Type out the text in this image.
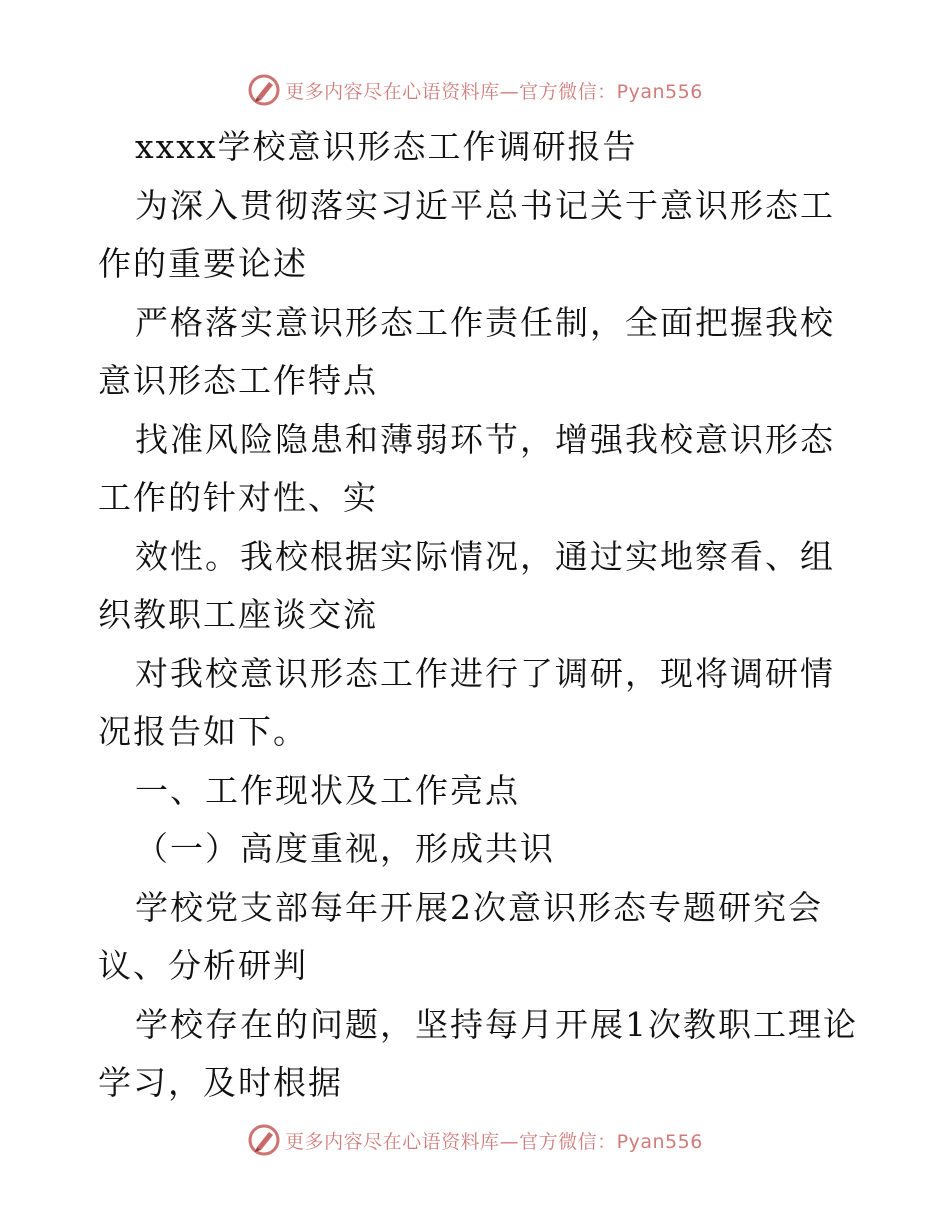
更多内容尽在心语资料库—官方微信：Pyan556

xxxx学校意识形态工作调研报告

为深入贯彻落实习近平总书记关于意识形态工作的重要论述

严格落实意识形态工作责任制，全面把握我校意识形态工作特点

找准风险隐患和薄弱环节，增强我校意识形态工作的针对性、实

效性。我校根据实际情况，通过实地察看、组织教职工座谈交流

对我校意识形态工作进行了调研，现将调研情况报告如下。

一、工作现状及工作亮点

（一）高度重视，形成共识

学校党支部每年开展2次意识形态专题研究会议、分析研判

学校存在的问题，坚持每月开展1次教职工理论学习，及时根据

更多内容尽在心语资料库—官方微信：Pyan556
